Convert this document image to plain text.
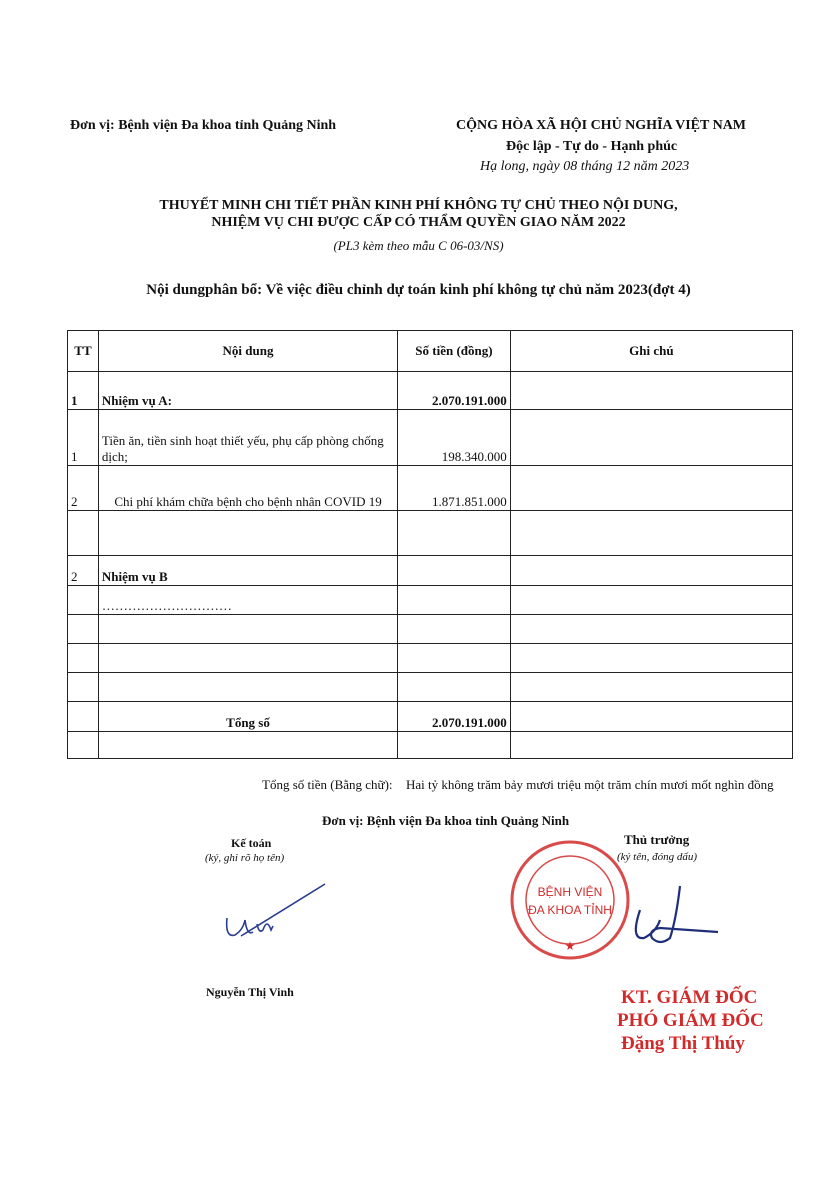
Đơn vị: Bệnh viện Đa khoa tỉnh Quảng Ninh	CỘNG HÒA XÃ HỘI CHỦ NGHĨA VIỆT NAM
Độc lập - Tự do - Hạnh phúc
Hạ long, ngày 08 tháng 12 năm 2023
THUYẾT MINH CHI TIẾT PHẦN KINH PHÍ KHÔNG TỰ CHỦ THEO NỘI DUNG,
NHIỆM VỤ CHI ĐƯỢC CẤP CÓ THẨM QUYỀN GIAO NĂM 2022
(PL3 kèm theo mẫu C 06-03/NS)
Nội dungphân bổ: Về việc điều chỉnh dự toán kinh phí không tự chủ năm 2023(đợt 4)
TT	Nội dung	Số tiền (đồng)	Ghi chú
1	Nhiệm vụ A:	2.070.191.000	
1	Tiền ăn, tiền sinh hoạt thiết yếu, phụ cấp phòng chống dịch;	198.340.000	
2	Chi phí khám chữa bệnh cho bệnh nhân COVID 19	1.871.851.000	

2	Nhiệm vụ B		
	…………………………		

	Tổng số	2.070.191.000	

Tổng số tiền (Bằng chữ): Hai tỷ không trăm bảy mươi triệu một trăm chín mươi mốt nghìn đồng
Đơn vị: Bệnh viện Đa khoa tỉnh Quảng Ninh
Kế toán
(ký, ghi rõ họ tên)
Nguyễn Thị Vinh
Thủ trưởng
(ký tên, đóng dấu)
BỆNH VIỆN
ĐA KHOA TỈNH
★
KT. GIÁM ĐỐC
PHÓ GIÁM ĐỐC
Đặng Thị Thúy
